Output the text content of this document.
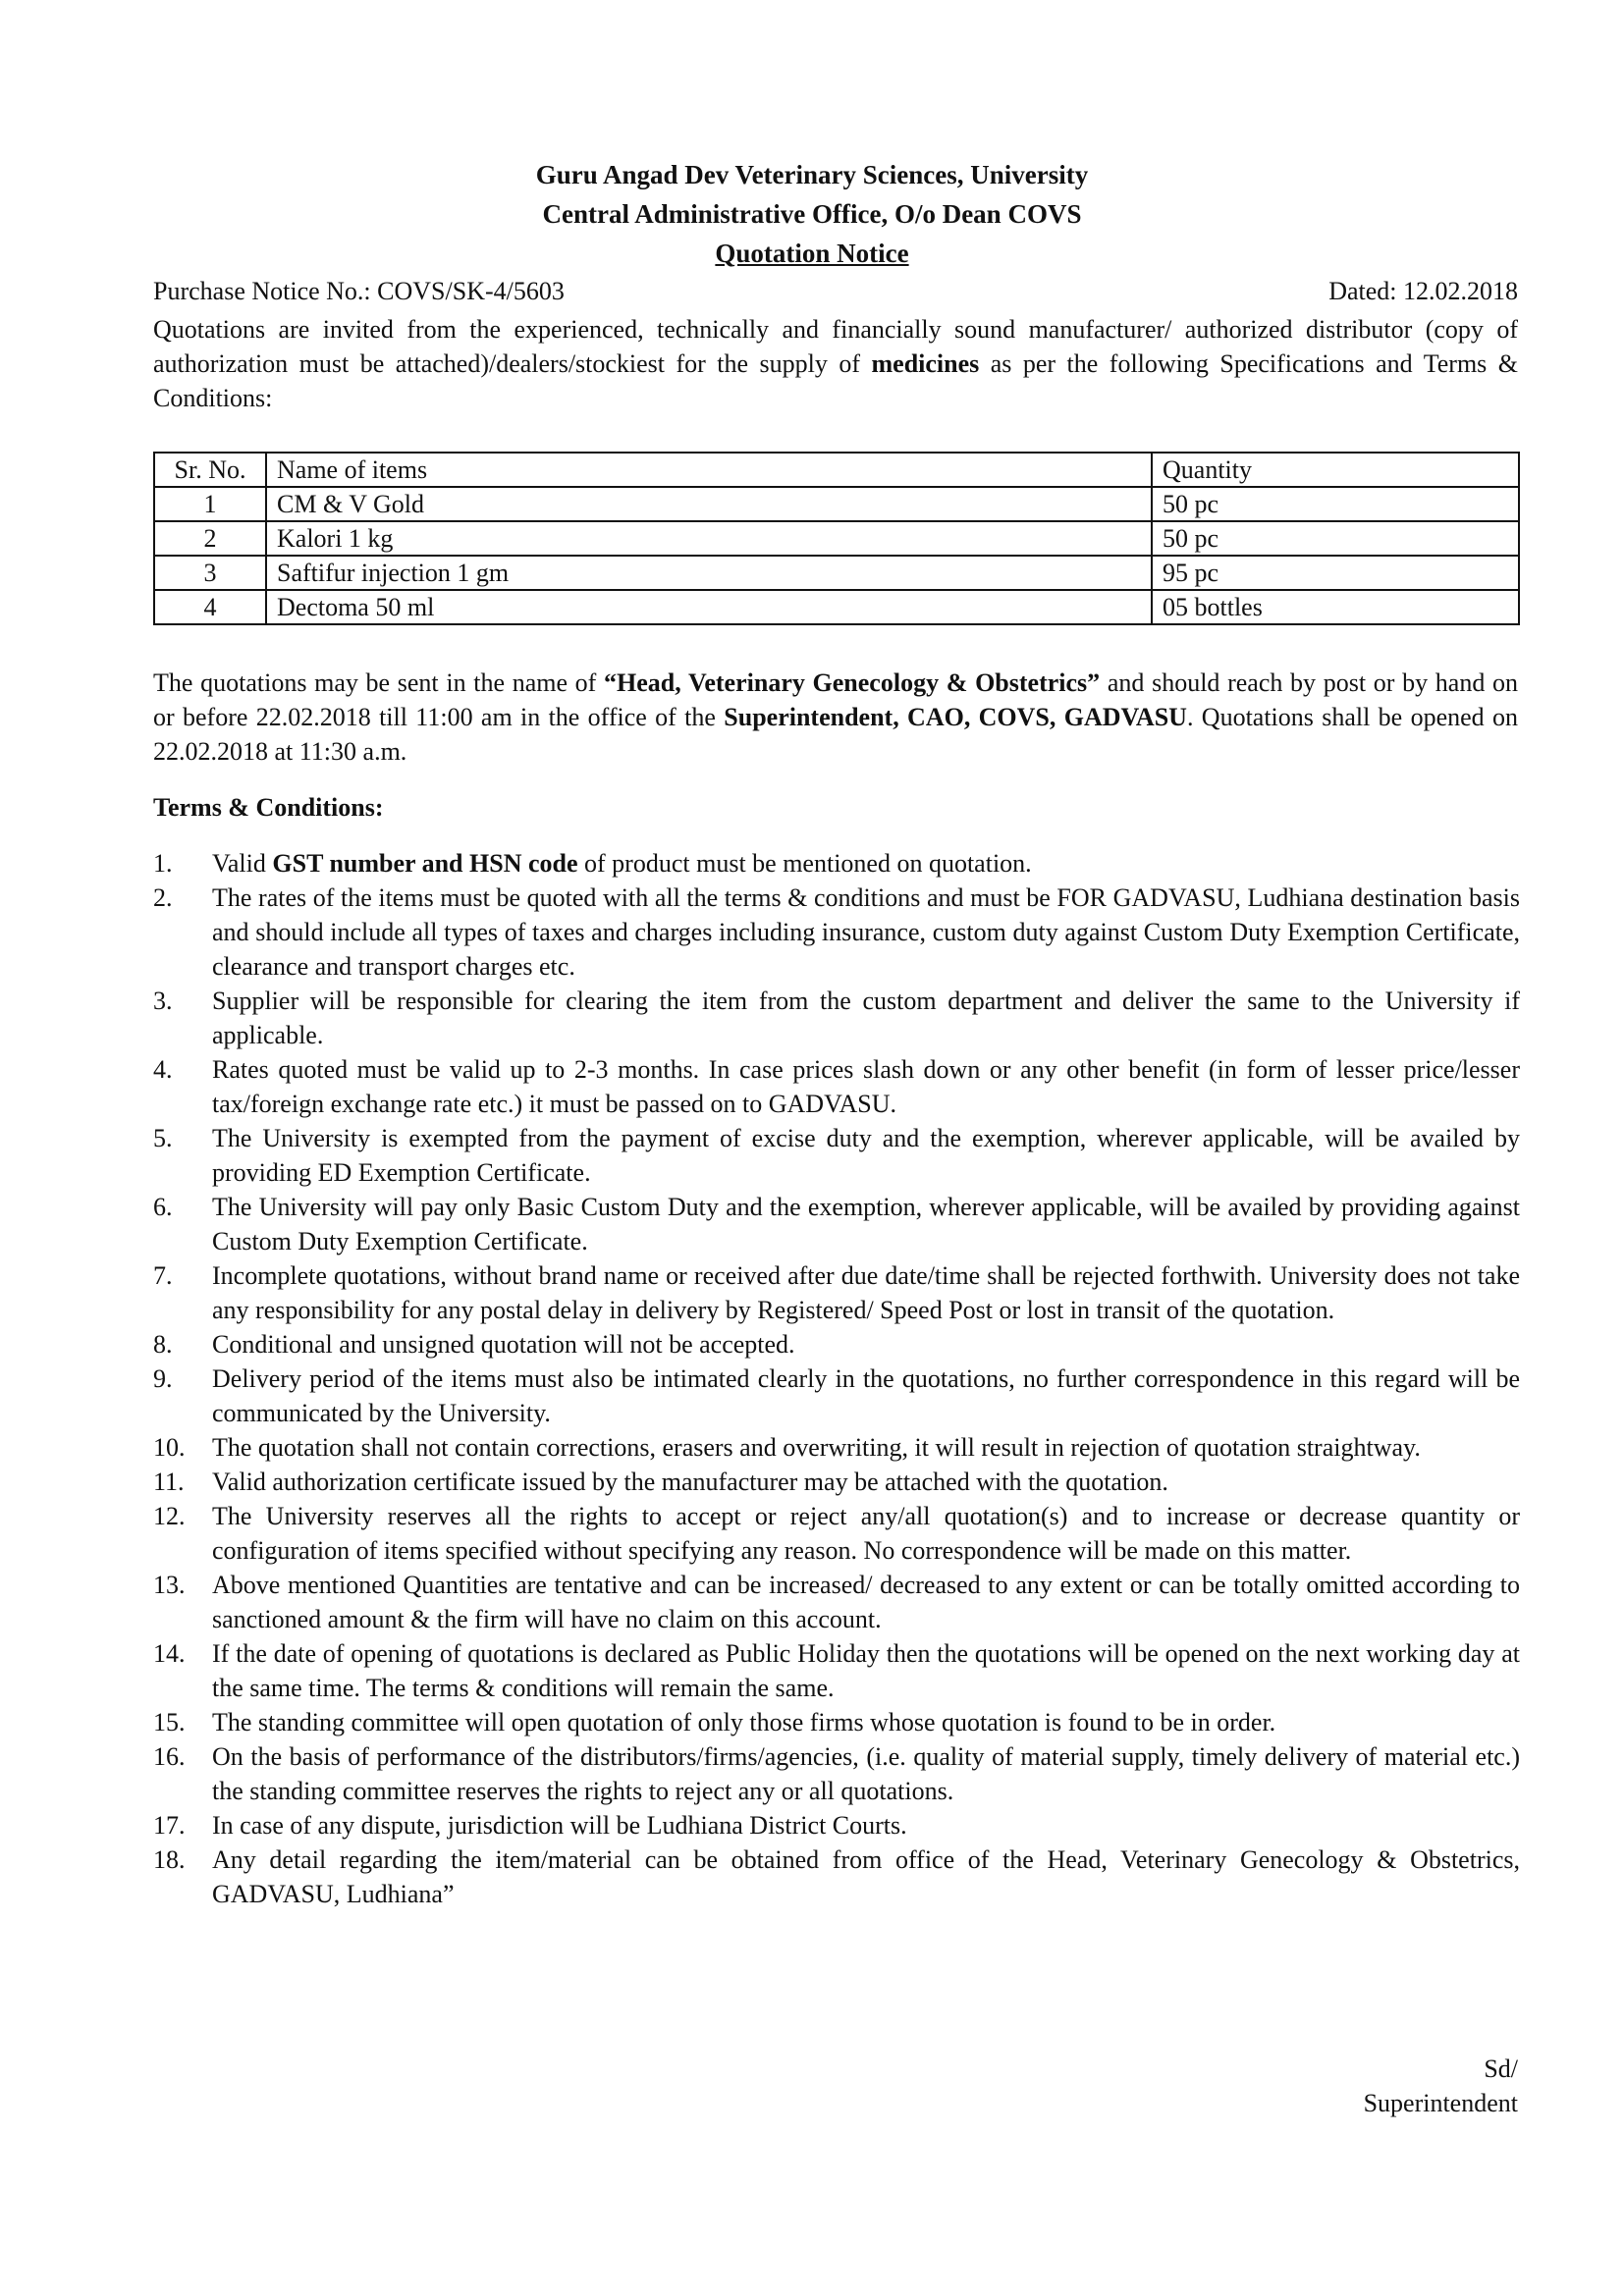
Guru Angad Dev Veterinary Sciences, University
Central Administrative Office, O/o Dean COVS
Quotation Notice
Purchase Notice No.: COVS/SK-4/5603	Dated: 12.02.2018
Quotations are invited from the experienced, technically and financially sound manufacturer/ authorized distributor (copy of authorization must be attached)/dealers/stockiest for the supply of medicines as per the following Specifications and Terms & Conditions:
Sr. No.	Name of items	Quantity
1	CM & V Gold	50 pc
2	Kalori 1 kg	50 pc
3	Saftifur injection 1 gm	95 pc
4	Dectoma 50 ml	05 bottles
The quotations may be sent in the name of “Head, Veterinary Genecology & Obstetrics” and should reach by post or by hand on or before 22.02.2018 till 11:00 am in the office of the Superintendent, CAO, COVS, GADVASU. Quotations shall be opened on 22.02.2018 at 11:30 a.m.
Terms & Conditions:
1. Valid GST number and HSN code of product must be mentioned on quotation.
2. The rates of the items must be quoted with all the terms & conditions and must be FOR GADVASU, Ludhiana destination basis and should include all types of taxes and charges including insurance, custom duty against Custom Duty Exemption Certificate, clearance and transport charges etc.
3. Supplier will be responsible for clearing the item from the custom department and deliver the same to the University if applicable.
4. Rates quoted must be valid up to 2-3 months. In case prices slash down or any other benefit (in form of lesser price/lesser tax/foreign exchange rate etc.) it must be passed on to GADVASU.
5. The University is exempted from the payment of excise duty and the exemption, wherever applicable, will be availed by providing ED Exemption Certificate.
6. The University will pay only Basic Custom Duty and the exemption, wherever applicable, will be availed by providing against Custom Duty Exemption Certificate.
7. Incomplete quotations, without brand name or received after due date/time shall be rejected forthwith. University does not take any responsibility for any postal delay in delivery by Registered/ Speed Post or lost in transit of the quotation.
8. Conditional and unsigned quotation will not be accepted.
9. Delivery period of the items must also be intimated clearly in the quotations, no further correspondence in this regard will be communicated by the University.
10. The quotation shall not contain corrections, erasers and overwriting, it will result in rejection of quotation straightway.
11. Valid authorization certificate issued by the manufacturer may be attached with the quotation.
12. The University reserves all the rights to accept or reject any/all quotation(s) and to increase or decrease quantity or configuration of items specified without specifying any reason. No correspondence will be made on this matter.
13. Above mentioned Quantities are tentative and can be increased/ decreased to any extent or can be totally omitted according to sanctioned amount & the firm will have no claim on this account.
14. If the date of opening of quotations is declared as Public Holiday then the quotations will be opened on the next working day at the same time. The terms & conditions will remain the same.
15. The standing committee will open quotation of only those firms whose quotation is found to be in order.
16. On the basis of performance of the distributors/firms/agencies, (i.e. quality of material supply, timely delivery of material etc.) the standing committee reserves the rights to reject any or all quotations.
17. In case of any dispute, jurisdiction will be Ludhiana District Courts.
18. Any detail regarding the item/material can be obtained from office of the Head, Veterinary Genecology & Obstetrics, GADVASU, Ludhiana”
Sd/
Superintendent
